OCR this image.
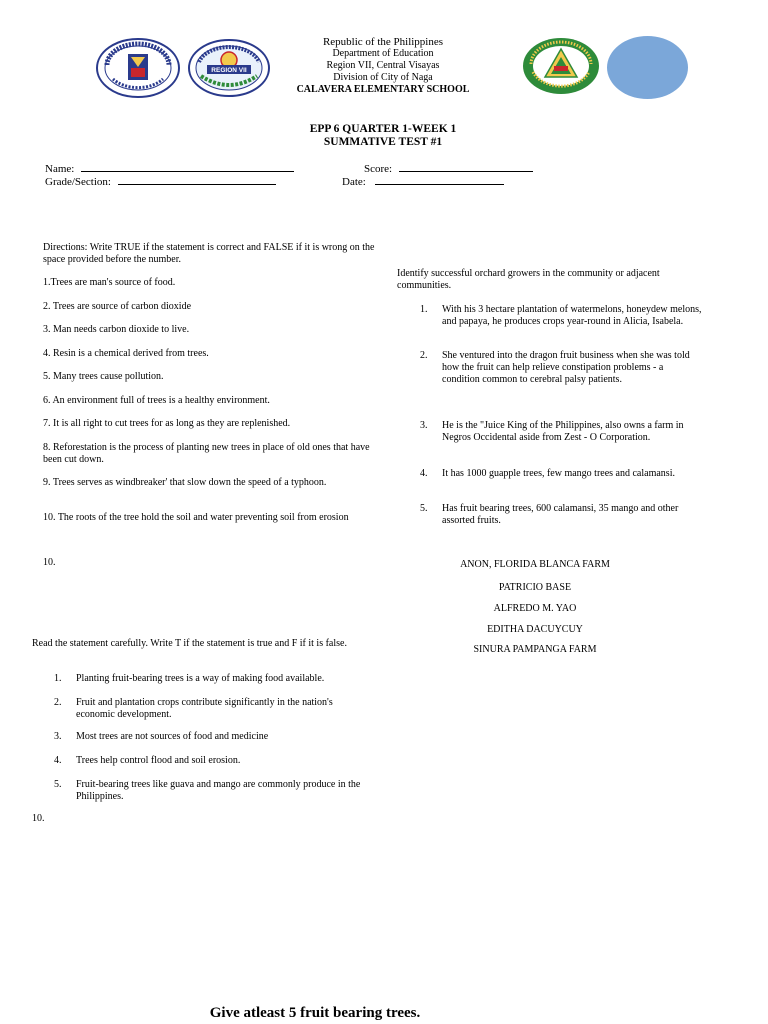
REGION VII
Republic of the Philippines
Department of Education
Region VII, Central Visayas
Division of City of Naga
CALAVERA ELEMENTARY SCHOOL
EPP 6 QUARTER 1-WEEK 1
SUMMATIVE TEST #1
Name:	Score:
Grade/Section:	Date:
Directions: Write TRUE if the statement is correct and FALSE if it is wrong on the space provided before the number.
1.Trees are man's source of food.
2. Trees are source of carbon dioxide
3. Man needs carbon dioxide to live.
4. Resin is a chemical derived from trees.
5. Many trees cause pollution.
6. An environment full of trees is a healthy environment.
7. It is all right to cut trees for as long as they are replenished.
8. Reforestation is the process of planting new trees in place of old ones that have been cut down.
9. Trees serves as windbreaker' that slow down the speed of a typhoon.
10. The roots of the tree hold the soil and water preventing soil from erosion
10.
Identify successful orchard growers in the community or adjacent communities.
1.	With his 3 hectare plantation of watermelons, honeydew melons, and papaya, he produces crops year-round in Alicia, Isabela.
2.	She ventured into the dragon fruit business when she was told how the fruit can help relieve constipation problems - a condition common to cerebral palsy patients.
3.	He is the "Juice King of the Philippines, also owns a farm in Negros Occidental aside from Zest - O Corporation.
4.	It has 1000 guapple trees, few mango trees and calamansi.
5.	Has fruit bearing trees, 600 calamansi, 35 mango and other assorted fruits.
ANON, FLORIDA BLANCA FARM
PATRICIO BASE
ALFREDO M. YAO
EDITHA DACUYCUY
SINURA PAMPANGA FARM
Read the statement carefully. Write T if the statement is true and F if it is false.
1.	Planting fruit-bearing trees is a way of making food available.
2.	Fruit and plantation crops contribute significantly in the nation's economic development.
3.	Most trees are not sources of food and medicine
4.	Trees help control flood and soil erosion.
5.	Fruit-bearing trees like guava and mango are commonly produce in the Philippines.
10.
Give atleast 5 fruit bearing trees.
